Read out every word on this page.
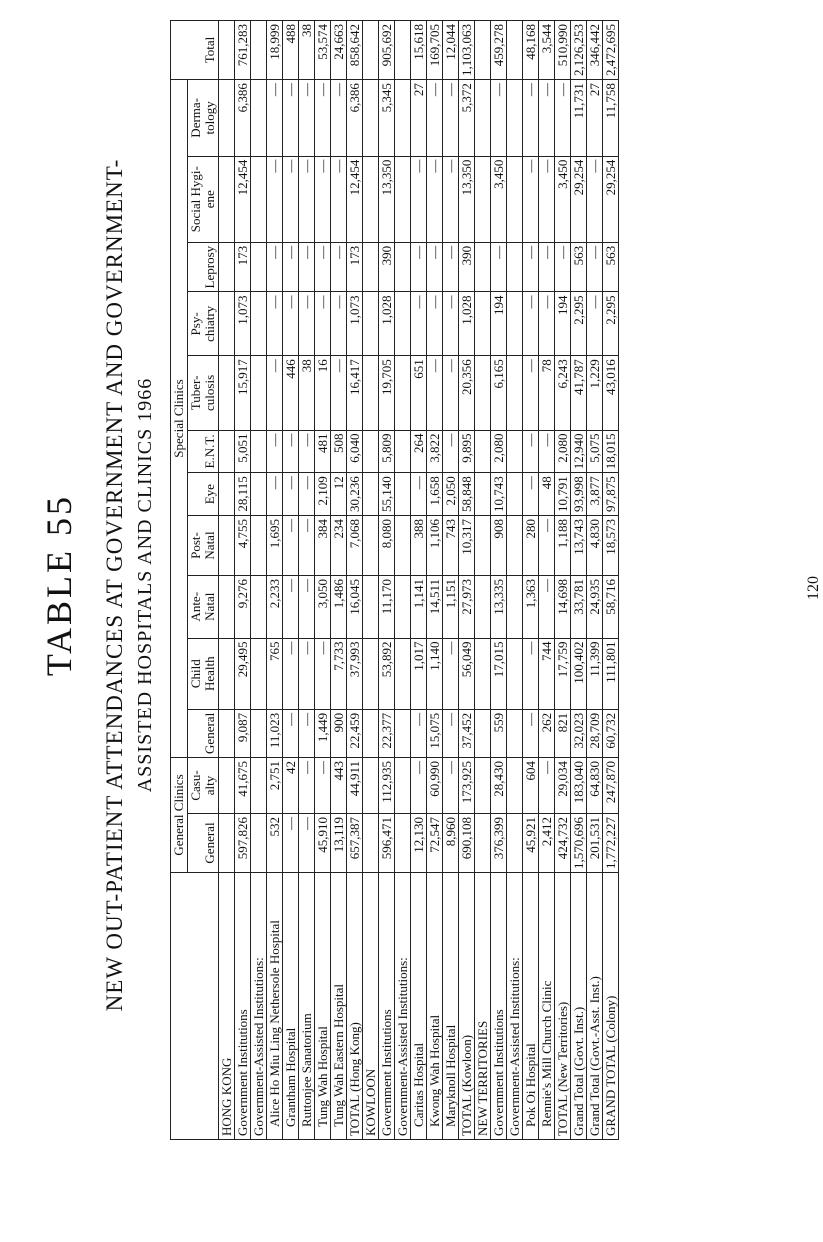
TABLE 55 NEW OUT-PATIENT ATTENDANCES AT GOVERNMENT AND GOVERNMENT- ASSISTED HOSPITALS AND CLINICS 1966
	General Clinics		Special Clinics											Total
	General	Casu-alty	General	Child Health	Ante-Natal	Post-Natal	Eye	E.N.T.	Tuber-culosis	Psy-chiatry	Leprosy	Social Hygi-ene	Derma-tology	
HONG KONG														
Government Institutions	597,826	41,675	9,087	29,495	9,276	4,755	28,115	5,051	15,917	1,073	173	12,454	6,386	761,283
Government-Assisted Institutions:														
Alice Ho Miu Ling Nethersole Hospital	532	2,751	11,023	765	2,233	1,695	—	—	—	—	—	—	—	18,999
Grantham Hospital	—	42	—	—	—	—	—	—	446	—	—	—	—	488
Ruttonjee Sanatorium	—	—	—	—	—	—	—	—	38	—	—	—	—	38
Tung Wah Hospital	45,910	—	1,449	—	3,050	384	2,109	481	16	—	—	—	—	53,574
Tung Wah Eastern Hospital	13,119	443	900	7,733	1,486	234	12	508	—	—	—	—	—	24,663
TOTAL (Hong Kong)	657,387	44,911	22,459	37,993	16,045	7,068	30,236	6,040	16,417	1,073	173	12,454	6,386	858,642
KOWLOON														
Government Institutions	596,471	112,935	22,377	53,892	11,170	8,080	55,140	5,809	19,705	1,028	390	13,350	5,345	905,692
Government-Assisted Institutions:														
Caritas Hospital	12,130	—	—	1,017	1,141	388	—	264	651	—	—	—	27	15,618
Kwong Wah Hospital	72,547	60,990	15,075	1,140	14,511	1,106	1,658	3,822	—	—	—	—	—	169,705
Maryknoll Hospital	8,960	—	—	—	1,151	743	2,050	—	—	—	—	—	—	12,044
TOTAL (Kowloon)	690,108	173,925	37,452	56,049	27,973	10,317	58,848	9,895	20,356	1,028	390	13,350	5,372	1,103,063
NEW TERRITORIES														
Government Institutions	376,399	28,430	559	17,015	13,335	908	10,743	2,080	6,165	194	—	3,450	—	459,278
Government-Assisted Institutions:														
Pok Oi Hospital	45,921	604	—	—	1,363	280	—	—	—	—	—	—	—	48,168
Rennie's Mill Church Clinic	2,412	—	262	744	—	—	48	—	78	—	—	—	—	3,544
TOTAL (New Territories)	424,732	29,034	821	17,759	14,698	1,188	10,791	2,080	6,243	194	—	3,450	—	510,990
Grand Total (Govt. Inst.)	1,570,696	183,040	32,023	100,402	33,781	13,743	93,998	12,940	41,787	2,295	563	29,254	11,731	2,126,253
Grand Total (Govt.-Asst. Inst.)	201,531	64,830	28,709	11,399	24,935	4,830	3,877	5,075	1,229	—	—	—	27	346,442
GRAND TOTAL (Colony)	1,772,227	247,870	60,732	111,801	58,716	18,573	97,875	18,015	43,016	2,295	563	29,254	11,758	2,472,695
120
